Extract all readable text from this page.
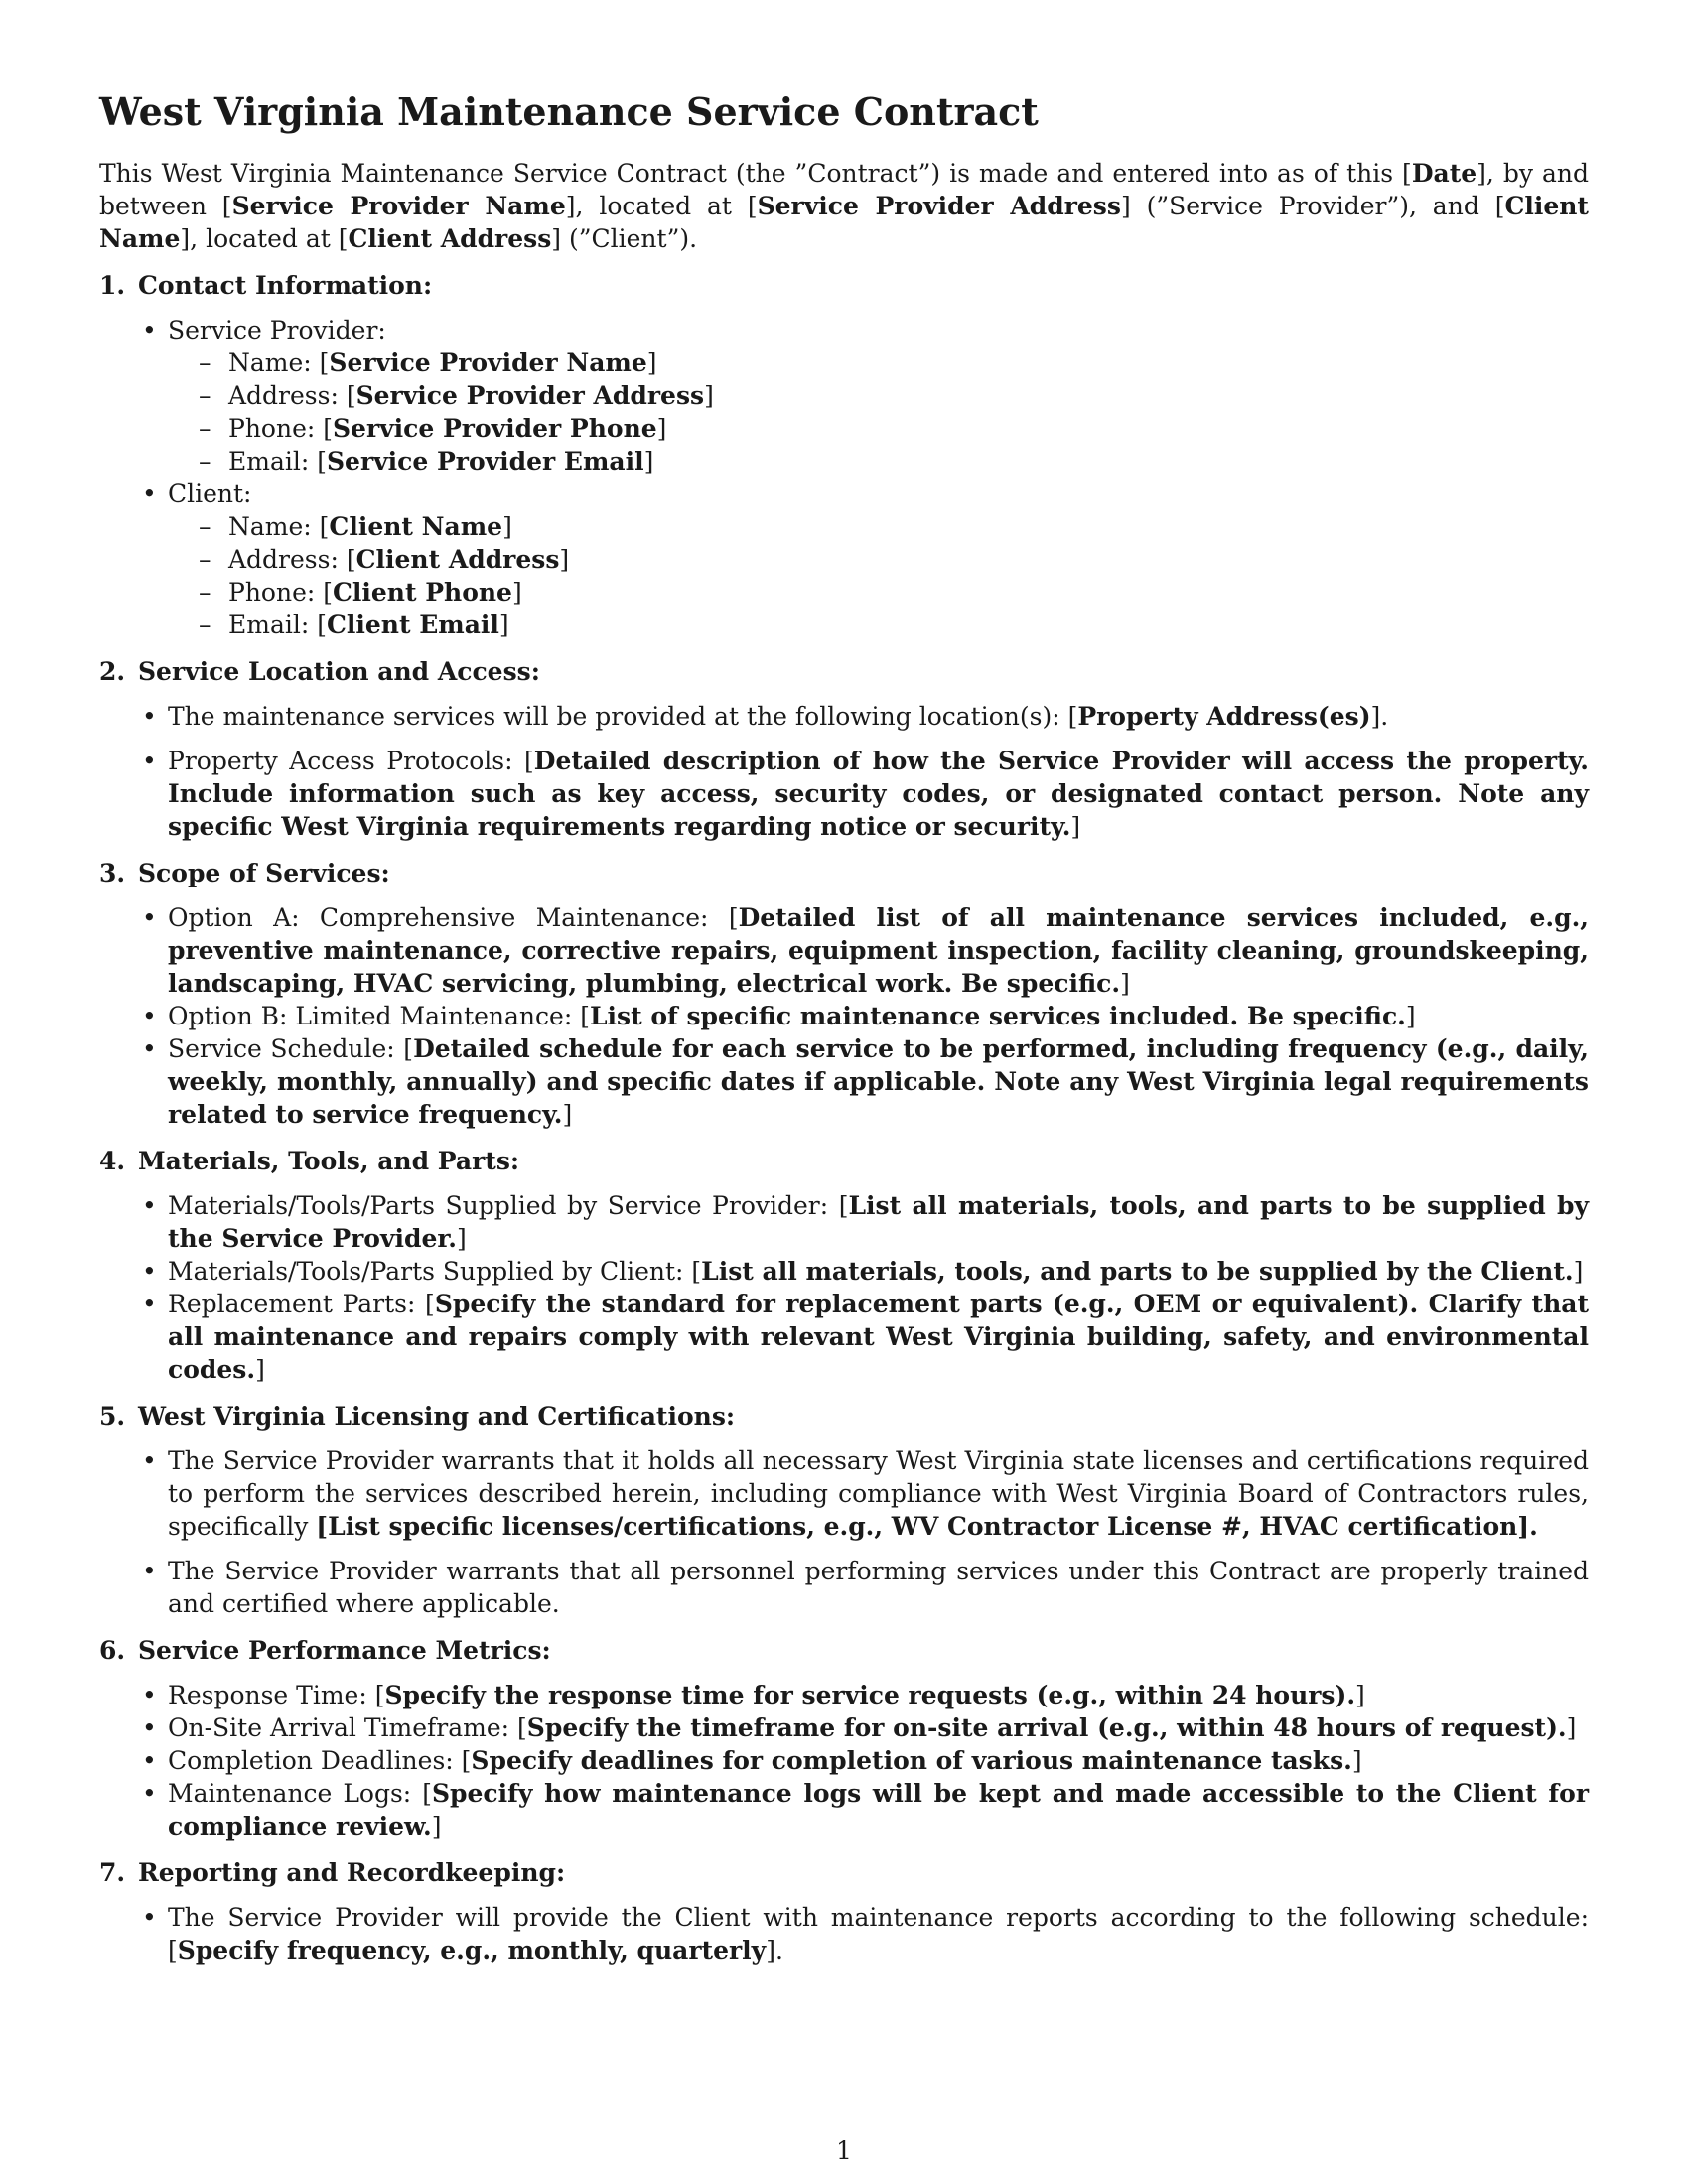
West Virginia Maintenance Service Contract

This West Virginia Maintenance Service Contract (the ”Contract”) is made and entered into as of this [Date], by and between [Service Provider Name], located at [Service Provider Address] (”Service Provider”), and [Client Name], located at [Client Address] (”Client”).

1. Contact Information:
• Service Provider:
– Name: [Service Provider Name]
– Address: [Service Provider Address]
– Phone: [Service Provider Phone]
– Email: [Service Provider Email]
• Client:
– Name: [Client Name]
– Address: [Client Address]
– Phone: [Client Phone]
– Email: [Client Email]
2. Service Location and Access:
• The maintenance services will be provided at the following location(s): [Property Address(es)].
• Property Access Protocols: [Detailed description of how the Service Provider will access the property. Include information such as key access, security codes, or designated contact person. Note any specific West Virginia requirements regarding notice or security.]
3. Scope of Services:
• Option A: Comprehensive Maintenance: [Detailed list of all maintenance services included, e.g., preventive maintenance, corrective repairs, equipment inspection, facility cleaning, groundskeeping, landscaping, HVAC servicing, plumbing, electrical work. Be specific.]
• Option B: Limited Maintenance: [List of specific maintenance services included. Be specific.]
• Service Schedule: [Detailed schedule for each service to be performed, including frequency (e.g., daily, weekly, monthly, annually) and specific dates if applicable. Note any West Virginia legal requirements related to service frequency.]
4. Materials, Tools, and Parts:
• Materials/Tools/Parts Supplied by Service Provider: [List all materials, tools, and parts to be supplied by the Service Provider.]
• Materials/Tools/Parts Supplied by Client: [List all materials, tools, and parts to be supplied by the Client.]
• Replacement Parts: [Specify the standard for replacement parts (e.g., OEM or equivalent). Clarify that all maintenance and repairs comply with relevant West Virginia building, safety, and environmental codes.]
5. West Virginia Licensing and Certifications:
• The Service Provider warrants that it holds all necessary West Virginia state licenses and certifications required to perform the services described herein, including compliance with West Virginia Board of Contractors rules, specifically [List specific licenses/certifications, e.g., WV Contractor License #, HVAC certification].
• The Service Provider warrants that all personnel performing services under this Contract are properly trained and certified where applicable.
6. Service Performance Metrics:
• Response Time: [Specify the response time for service requests (e.g., within 24 hours).]
• On-Site Arrival Timeframe: [Specify the timeframe for on-site arrival (e.g., within 48 hours of request).]
• Completion Deadlines: [Specify deadlines for completion of various maintenance tasks.]
• Maintenance Logs: [Specify how maintenance logs will be kept and made accessible to the Client for compliance review.]
7. Reporting and Recordkeeping:
• The Service Provider will provide the Client with maintenance reports according to the following schedule: [Specify frequency, e.g., monthly, quarterly].
1
